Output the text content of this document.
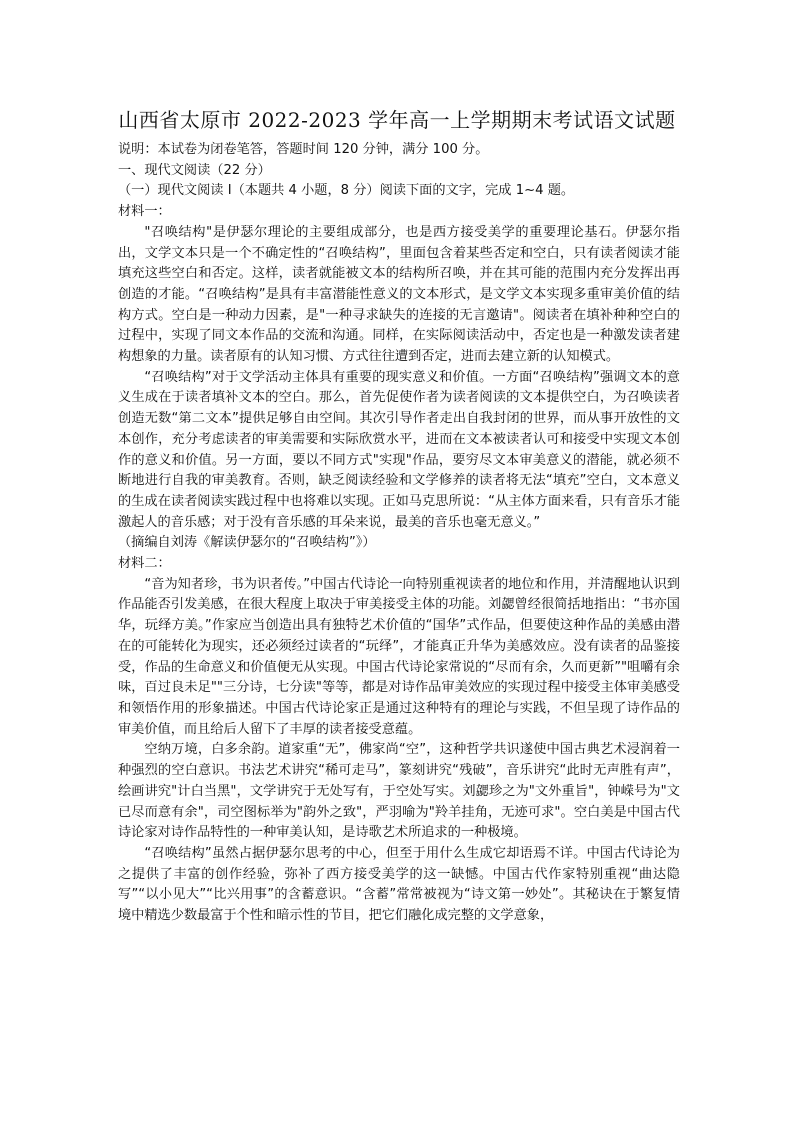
山西省太原市 2022-2023 学年高一上学期期末考试语文试题

说明：本试卷为闭卷笔答，答题时间 120 分钟，满分 100 分。

一、现代文阅读（22 分）

（一）现代文阅读 I（本题共 4 小题，8 分）阅读下面的文字，完成 1~4 题。

材料一：

"召唤结构"是伊瑟尔理论的主要组成部分，也是西方接受美学的重要理论基石。伊瑟尔指出，文学文本只是一个不确定性的“召唤结构”，里面包含着某些否定和空白，只有读者阅读才能填充这些空白和否定。这样，读者就能被文本的结构所召唤，并在其可能的范围内充分发挥出再创造的才能。“召唤结构”是具有丰富潜能性意义的文本形式，是文学文本实现多重审美价值的结构方式。空白是一种动力因素，是"一种寻求缺失的连接的无言邀请"。阅读者在填补种种空白的过程中，实现了同文本作品的交流和沟通。同样，在实际阅读活动中，否定也是一种激发读者建构想象的力量。读者原有的认知习惯、方式往往遭到否定，进而去建立新的认知模式。

“召唤结构”对于文学活动主体具有重要的现实意义和价值。一方面“召唤结构”强调文本的意义生成在于读者填补文本的空白。那么，首先促使作者为读者阅读的文本提供空白，为召唤读者创造无数“第二文本”提供足够自由空间。其次引导作者走出自我封闭的世界，而从事开放性的文本创作，充分考虑读者的审美需要和实际欣赏水平，进而在文本被读者认可和接受中实现文本创作的意义和价值。另一方面，要以不同方式"实现"作品，要穷尽文本审美意义的潜能，就必须不断地进行自我的审美教育。否则，缺乏阅读经验和文学修养的读者将无法“填充”空白，文本意义的生成在读者阅读实践过程中也将难以实现。正如马克思所说：“从主体方面来看，只有音乐才能激起人的音乐感；对于没有音乐感的耳朵来说，最美的音乐也毫无意义。”

（摘编自刘涛《解读伊瑟尔的“召唤结构”》）

材料二：

“音为知者珍，书为识者传。”中国古代诗论一向特别重视读者的地位和作用，并清醒地认识到作品能否引发美感，在很大程度上取决于审美接受主体的功能。刘勰曾经很简括地指出：“书亦国华，玩绎方美。”作家应当创造出具有独特艺术价值的“国华”式作品，但要使这种作品的美感由潜在的可能转化为现实，还必须经过读者的“玩绎”，才能真正升华为美感效应。没有读者的品鉴接受，作品的生命意义和价值便无从实现。中国古代诗论家常说的“尽而有余，久而更新”"咀嚼有余味，百过良未足""三分诗，七分读"等等，都是对诗作品审美效应的实现过程中接受主体审美感受和领悟作用的形象描述。中国古代诗论家正是通过这种特有的理论与实践，不但呈现了诗作品的审美价值，而且给后人留下了丰厚的读者接受意蕴。

空纳万境，白多余韵。道家重“无”，佛家尚“空”，这种哲学共识遂使中国古典艺术浸润着一种强烈的空白意识。书法艺术讲究“稀可走马”，篆刻讲究“残破”，音乐讲究“此时无声胜有声”，绘画讲究"计白当黑"，文学讲究于无处写有，于空处写实。刘勰珍之为"文外重旨"，钟嵘号为"文已尽而意有余"，司空图标举为"韵外之致"，严羽喻为"羚羊挂角，无迹可求"。空白美是中国古代诗论家对诗作品特性的一种审美认知，是诗歌艺术所追求的一种极境。

“召唤结构”虽然占据伊瑟尔思考的中心，但至于用什么生成它却语焉不详。中国古代诗论为之提供了丰富的创作经验，弥补了西方接受美学的这一缺憾。中国古代作家特别重视“曲达隐写”“以小见大”“比兴用事”的含蓄意识。“含蓄”常常被视为“诗文第一妙处”。其秘诀在于繁复情境中精选少数最富于个性和暗示性的节目，把它们融化成完整的文学意象，
